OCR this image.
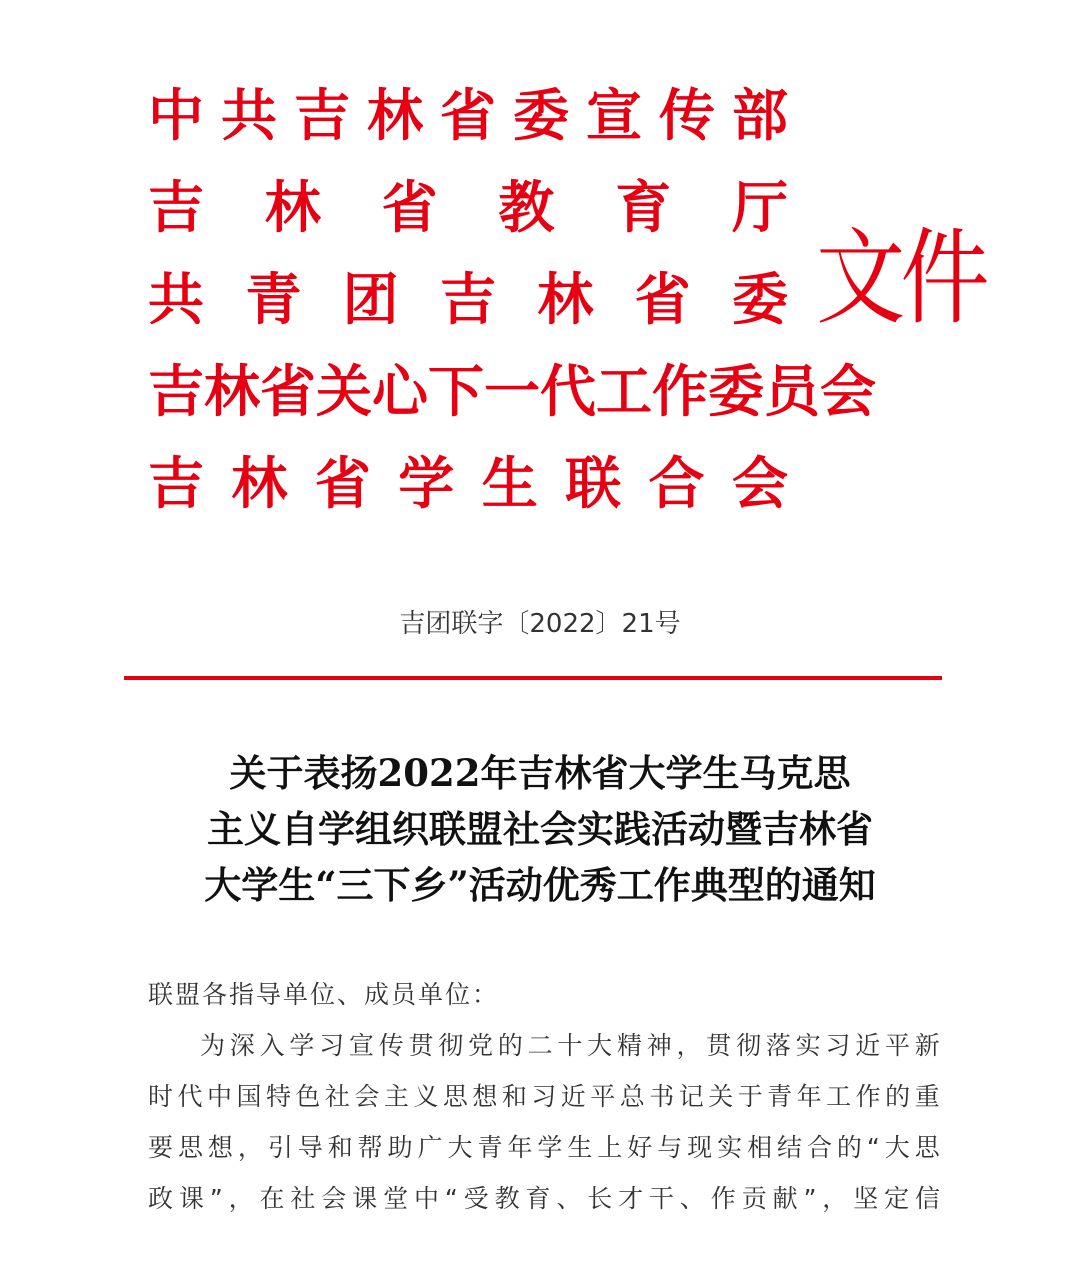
中 共 吉 林 省 委 宣 传 部
吉 林 省 教 育 厅
共 青 团 吉 林 省 委
吉 林 省 关 心 下 一 代 工 作 委 员 会
吉 林 省 学 生 联 合 会
文件
吉团联字〔2022〕21号
关于表扬2022年吉林省大学生马克思
主义自学组织联盟社会实践活动暨吉林省
大学生“三下乡”活动优秀工作典型的通知
联盟各指导单位、成员单位：
为 深 入 学 习 宣 传 贯 彻 党 的 二 十 大 精 神 ， 贯 彻 落 实 习 近 平 新
时 代 中 国 特 色 社 会 主 义 思 想 和 习 近 平 总 书 记 关 于 青 年 工 作 的 重
要 思 想 ， 引 导 和 帮 助 广 大 青 年 学 生 上 好 与 现 实 相 结 合 的 “ 大 思
政 课 ” ， 在 社 会 课 堂 中 “ 受 教 育 、 长 才 干 、 作 贡 献 ” ， 坚 定 信
